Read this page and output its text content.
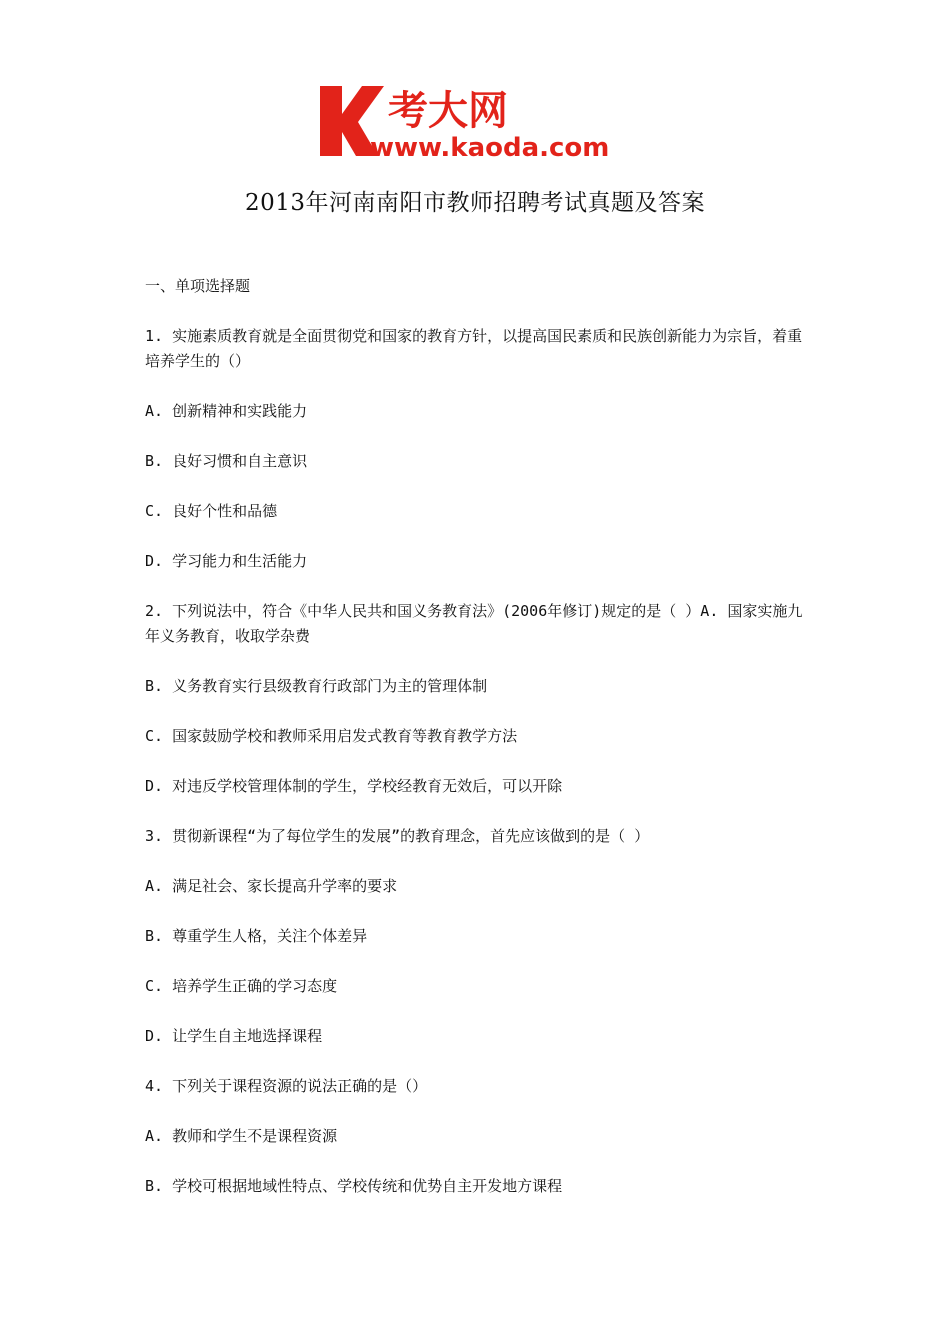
考大网
www.kaoda.com
2013年河南南阳市教师招聘考试真题及答案
一、单项选择题
1. 实施素质教育就是全面贯彻党和国家的教育方针，以提高国民素质和民族创新能力为宗旨，着重培养学生的（）
A. 创新精神和实践能力
B. 良好习惯和自主意识
C. 良好个性和品德
D. 学习能力和生活能力
2. 下列说法中，符合《中华人民共和国义务教育法》(2006年修订)规定的是（ ）A. 国家实施九年义务教育，收取学杂费
B. 义务教育实行县级教育行政部门为主的管理体制
C. 国家鼓励学校和教师采用启发式教育等教育教学方法
D. 对违反学校管理体制的学生，学校经教育无效后，可以开除
3. 贯彻新课程“为了每位学生的发展”的教育理念，首先应该做到的是（ ）
A. 满足社会、家长提高升学率的要求
B. 尊重学生人格，关注个体差异
C. 培养学生正确的学习态度
D. 让学生自主地选择课程
4. 下列关于课程资源的说法正确的是（）
A. 教师和学生不是课程资源
B. 学校可根据地域性特点、学校传统和优势自主开发地方课程
